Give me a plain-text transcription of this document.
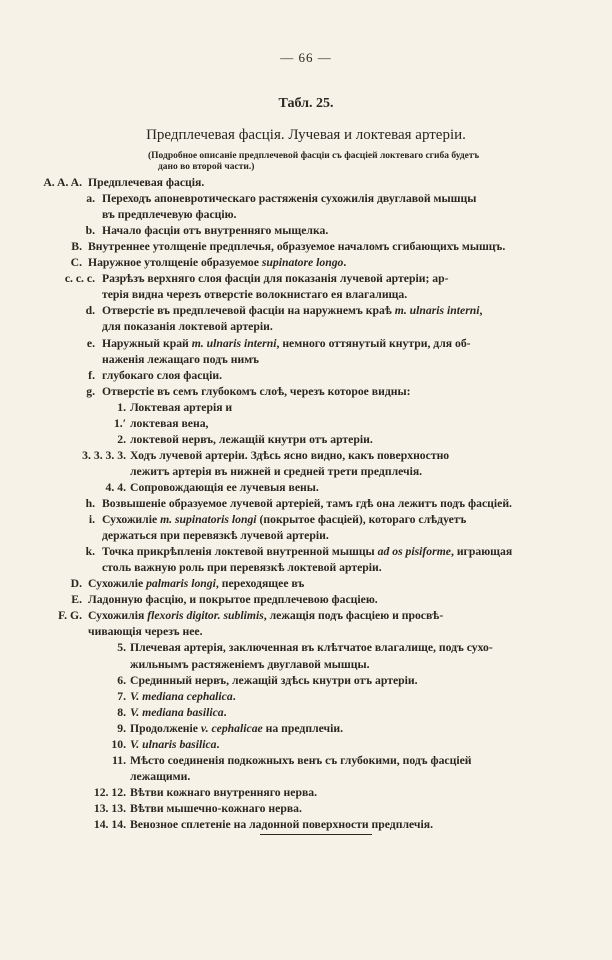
— 66 —
Табл. 25.
Предплечевая фасція. Лучевая и локтевая артеріи.
(Подробное описаніе предплечевой фасціи съ фасціей локтеваго сгиба будетъ
дано во второй части.)
A. A. A. Предплечевая фасція.
a. Переходъ апоневротическаго растяженія сухожилія двуглавой мышцы
въ предплечевую фасцію.
b. Начало фасціи отъ внутренняго мыщелка.
B. Внутреннее утолщеніе предплечья, образуемое началомъ сгибающихъ мышцъ.
C. Наружное утолщеніе образуемое supinatore longo.
c. c. c. Разрѣзъ верхняго слоя фасціи для показанія лучевой артеріи; ар-
терія видна черезъ отверстіе волокнистаго ея влагалища.
d. Отверстіе въ предплечевой фасціи на наружнемъ краѣ m. ulnaris interni,
для показанія локтевой артеріи.
e. Наружный край m. ulnaris interni, немного оттянутый кнутри, для об-
наженія лежащаго подъ нимъ
f. глубокаго слоя фасціи.
g. Отверстіе въ семъ глубокомъ слоѣ, черезъ которое видны:
1. Локтевая артерія и
1.′ локтевая вена,
2. локтевой нервъ, лежащій кнутри отъ артеріи.
3. 3. 3. 3. Ходъ лучевой артеріи. Здѣсь ясно видно, какъ поверхностно
лежитъ артерія въ нижней и средней трети предплечія.
4. 4. Сопровождающія ее лучевыя вены.
h. Возвышеніе образуемое лучевой артеріей, тамъ гдѣ она лежитъ подъ фасціей.
i. Сухожиліе m. supinatoris longi (покрытое фасціей), котораго слѣдуетъ
держаться при перевязкѣ лучевой артеріи.
k. Точка прикрѣпленія локтевой внутренной мышцы ad os pisiforme, играющая
столь важную роль при перевязкѣ локтевой артеріи.
D. Сухожиліе palmaris longi, переходящее въ
E. Ладонную фасцію, и покрытое предплечевою фасціею.
F. G. Сухожилія flexoris digitor. sublimis, лежащія подъ фасціею и просвѣ-
чивающія черезъ нее.
5. Плечевая артерія, заключенная въ клѣтчатое влагалище, подъ сухо-
жильнымъ растяженіемъ двуглавой мышцы.
6. Срединный нервъ, лежащій здѣсь кнутри отъ артеріи.
7. V. mediana cephalica.
8. V. mediana basilica.
9. Продолженіе v. cephalicae на предплечіи.
10. V. ulnaris basilica.
11. Мѣсто соединенія подкожныхъ венъ съ глубокими, подъ фасціей
лежащими.
12. 12. Вѣтви кожнаго внутренняго нерва.
13. 13. Вѣтви мышечно-кожнаго нерва.
14. 14. Венозное сплетеніе на ладонной поверхности предплечія.
